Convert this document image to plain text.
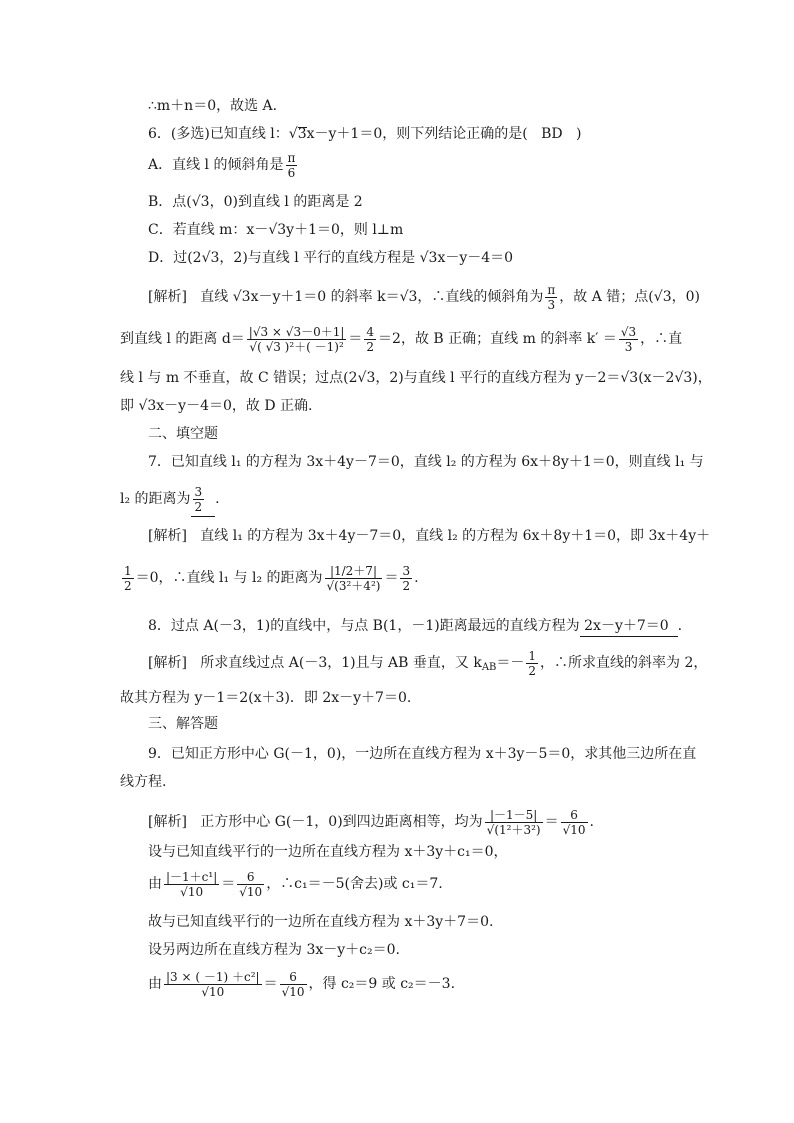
∴m＋n＝0，故选 A.
6．(多选)已知直线 l：√ 3x－y＋1＝0，则下列结论正确的是( BD )
A．直线 l 的倾斜角是 $\frac{\pi}{6}$
B．点(√3，0)到直线 l 的距离是 2
C．若直线 m：x－√3y＋1＝0，则 l⊥m
D．过(2√3，2)与直线 l 平行的直线方程是 √3x－y－4＝0
[解析] 直线 √3x－y＋1＝0 的斜率 k＝√3，∴直线的倾斜角为 $\frac{\pi}{3}$ ，故 A 错；点(√3，0)
到直线 l 的距离 $d= \frac{|√3 \times √3-0+1|}{\text{√( √3 )²＋( －1)²}} = \frac{4}{2} =2$，故 B 正确；直线 m 的斜率 $k' = \frac{√3}{3}$ ，∴直
线 l 与 m 不垂直，故 C 错误；过点(2√3，2)与直线 l 平行的直线方程为 y－2＝√3(x－2√3)，
即 √3x－y－4＝0，故 D 正确.
二、填空题
7．已知直线 l₁ 的方程为 3x＋4y－7＝0，直线 l₂ 的方程为 6x＋8y＋1＝0，则直线 l₁ 与
l₂ 的距离为 $\frac{3}{2}$ .
[解析] 直线 l₁ 的方程为 3x＋4y－7＝0，直线 l₂ 的方程为 6x＋8y＋1＝0，即 3x＋4y＋
$\frac{1}{2} =0$，∴直线 l₁ 与 l₂ 的距离为 $\frac{|1/2+7|}{\text{√(3²＋4²)}} = \frac{3}{2}$ .
8．过点 A(－3，1)的直线中，与点 B(1，－1)距离最远的直线方程为 2x－y＋7＝0 .
[解析] 所求直线过点 A(－3，1)且与 AB 垂直，又 $k_{AB}=- \frac{1}{2}$ ，∴所求直线的斜率为 2，
故其方程为 y－1＝2(x＋3)．即 2x－y＋7＝0.
三、解答题
9．已知正方形中心 G(－1，0)，一边所在直线方程为 x＋3y－5＝0，求其他三边所在直
线方程.
[解析] 正方形中心 G(－1，0)到四边距离相等，均为 $\frac{|-1-5|}{\text{√(1²＋3²)}} = \frac{6}{√10}$ .
设与已知直线平行的一边所在直线方程为 x＋3y＋c₁＝0，
由 $\frac{\text{|－1＋c¹|}}{√10} = \frac{6}{√10}$ ，∴c₁＝－5(舍去)或 c₁＝7.
故与已知直线平行的一边所在直线方程为 x＋3y＋7＝0.
设另两边所在直线方程为 3x－y＋c₂＝0.
由 $\frac{\text{|3 × ( －1) ＋c²|}}{√10} = \frac{6}{√10}$ ，得 c₂＝9 或 c₂＝－3.
